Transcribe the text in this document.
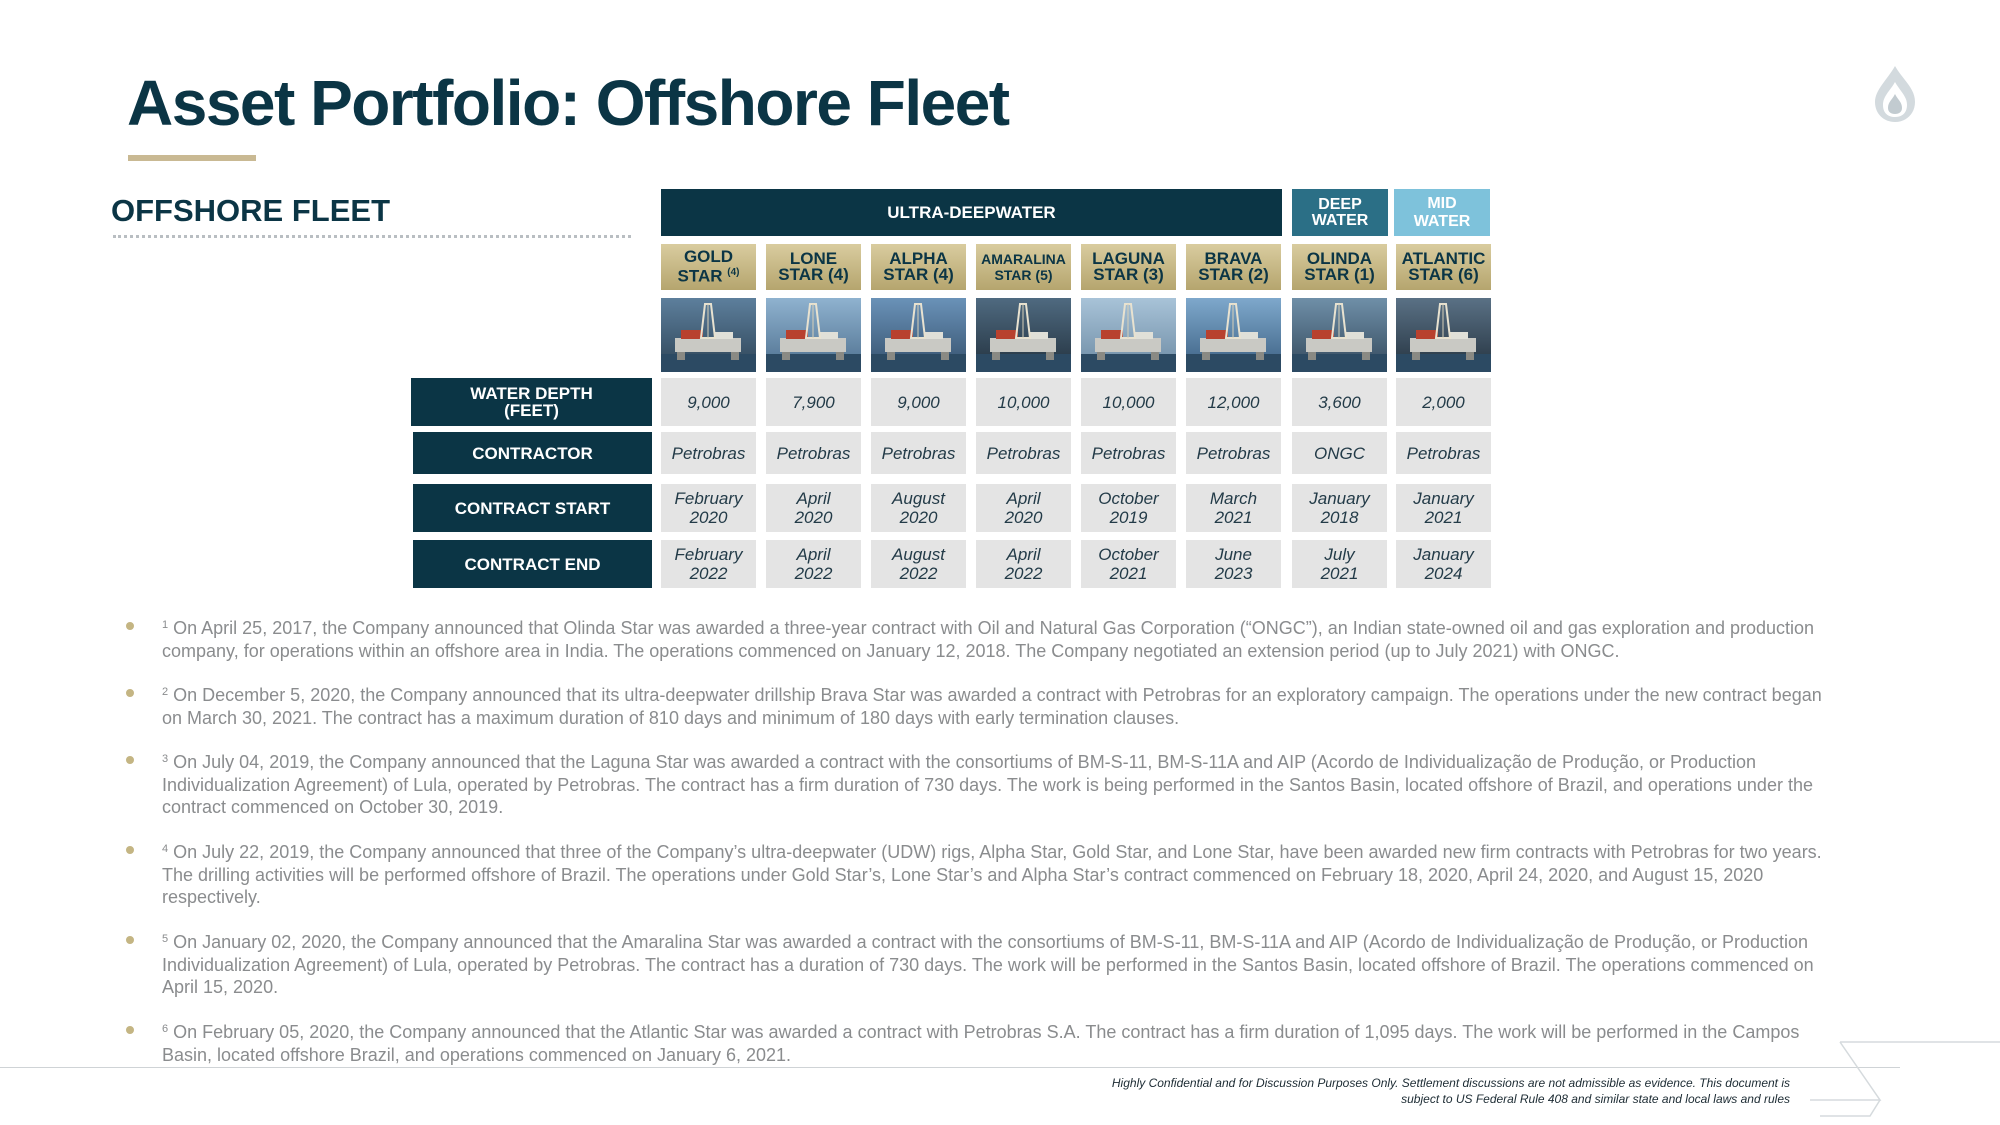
Asset Portfolio: Offshore Fleet
OFFSHORE FLEET	ULTRA-DEEPWATER	DEEP
WATER
MID
WATER
GOLD
STAR $^{(4)}$
LONE
STAR (4)
ALPHA
STAR (4)
AMARALINA
STAR (5)
LAGUNA
STAR (3)
BRAVA
STAR (2)
OLINDA
STAR (1)
ATLANTIC
STAR (6)
WATER DEPTH
(FEET)
CONTRACTOR
CONTRACT START
CONTRACT END
9,000
Petrobras
February
2020
February
2022
7,900
Petrobras
April
2020
April
2022
9,000
Petrobras
August
2020
August
2022
10,000
Petrobras
April
2020
April
2022
10,000
Petrobras
October
2019
October
2021
12,000
Petrobras
March
2021
June
2023
3,600
ONGC
January
2018
July
2021
2,000
Petrobras
January
2021
January
2024
$^1$ On April 25, 2017, the Company announced that Olinda Star was awarded a three-year contract with Oil and Natural Gas Corporation (“ONGC”), an Indian state-owned oil and gas exploration and production company, for operations within an offshore area in India. The operations commenced on January 12, 2018. The Company negotiated an extension period (up to July 2021) with ONGC.
$^2$ On December 5, 2020, the Company announced that its ultra-deepwater drillship Brava Star was awarded a contract with Petrobras for an exploratory campaign. The operations under the new contract began on March 30, 2021. The contract has a maximum duration of 810 days and minimum of 180 days with early termination clauses.
$^3$ On July 04, 2019, the Company announced that the Laguna Star was awarded a contract with the consortiums of BM-S-11, BM-S-11A and AIP (Acordo de Individualização de Produção, or Production Individualization Agreement) of Lula, operated by Petrobras. The contract has a firm duration of 730 days. The work is being performed in the Santos Basin, located offshore of Brazil, and operations under the contract commenced on October 30, 2019.
$^4$ On July 22, 2019, the Company announced that three of the Company’s ultra-deepwater (UDW) rigs, Alpha Star, Gold Star, and Lone Star, have been awarded new firm contracts with Petrobras for two years. The drilling activities will be performed offshore of Brazil. The operations under Gold Star’s, Lone Star’s and Alpha Star’s contract commenced on February 18, 2020, April 24, 2020, and August 15, 2020 respectively.
$^5$ On January 02, 2020, the Company announced that the Amaralina Star was awarded a contract with the consortiums of BM-S-11, BM-S-11A and AIP (Acordo de Individualização de Produção, or Production Individualization Agreement) of Lula, operated by Petrobras. The contract has a duration of 730 days. The work will be performed in the Santos Basin, located offshore of Brazil. The operations commenced on April 15, 2020.
$^6$ On February 05, 2020, the Company announced that the Atlantic Star was awarded a contract with Petrobras S.A. The contract has a firm duration of 1,095 days. The work will be performed in the Campos Basin, located offshore Brazil, and operations commenced on January 6, 2021.
Highly Confidential and for Discussion Purposes Only. Settlement discussions are not admissible as evidence. This document is
subject to US Federal Rule 408 and similar state and local laws and rules
